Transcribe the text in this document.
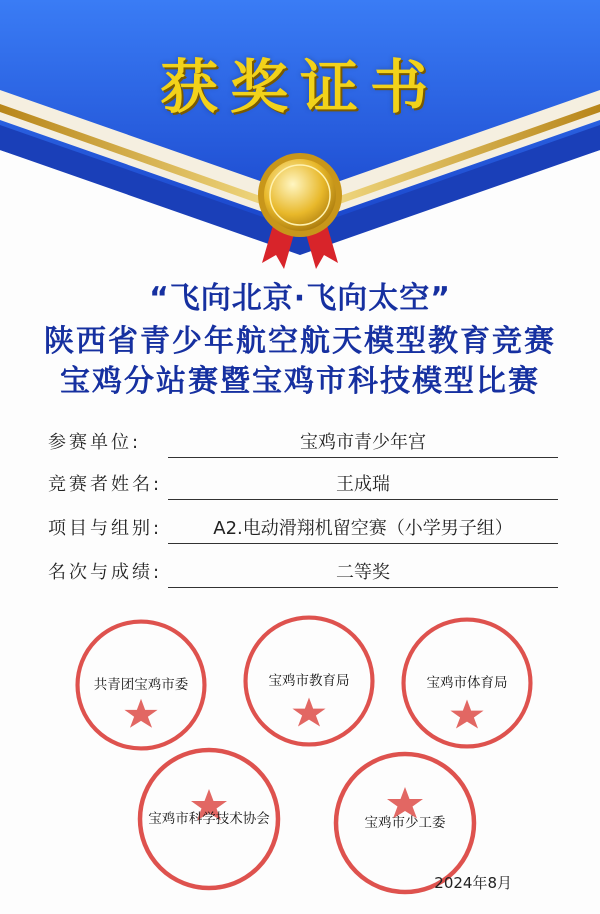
获奖证书
“飞向北京·飞向太空”
陕西省青少年航空航天模型教育竞赛
宝鸡分站赛暨宝鸡市科技模型比赛
参赛单位:	宝鸡市青少年宫
竞赛者姓名:	王成瑞
项目与组别:	A2.电动滑翔机留空赛（小学男子组）
名次与成绩:	二等奖
共青团宝鸡市委	宝鸡市教育局	宝鸡市体育局
宝鸡市科学技术协会	宝鸡市少工委
2024年8月
